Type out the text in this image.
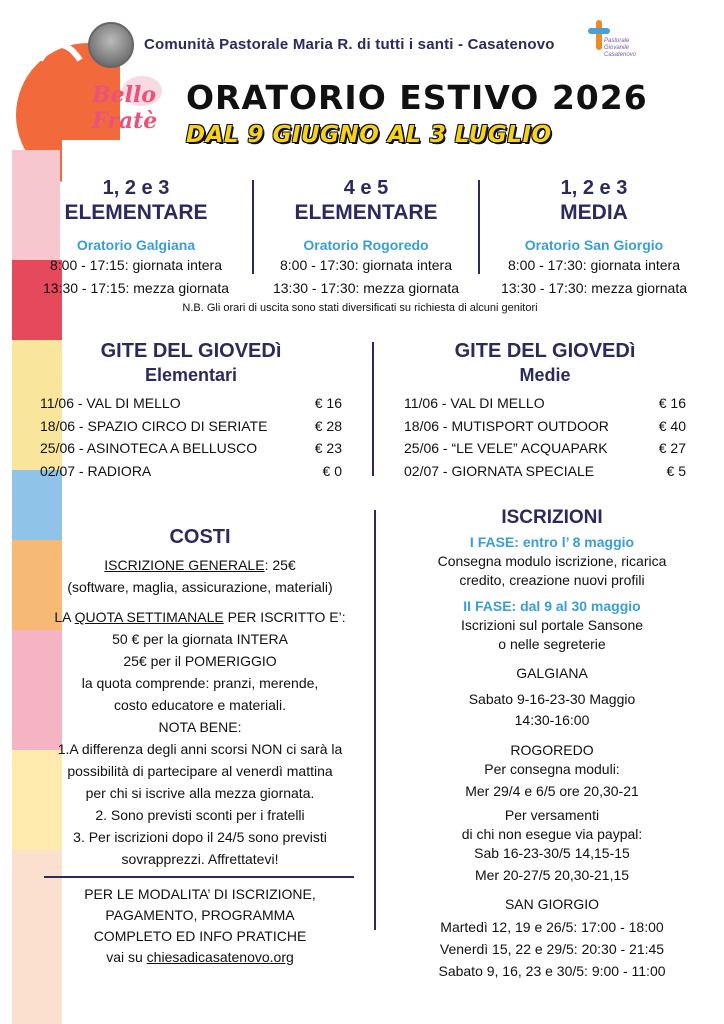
Comunità Pastorale Maria R. di tutti i santi - Casatenovo	Pastorale Giovanile Casatenovo
Bello Fratè
ORATORIO ESTIVO 2026
DAL 9 GIUGNO AL 3 LUGLIO
1, 2 e 3
ELEMENTARE
Oratorio Galgiana
8:00 - 17:15: giornata intera
13:30 - 17:15: mezza giornata
4 e 5
ELEMENTARE
Oratorio Rogoredo
8:00 - 17:30: giornata intera
13:30 - 17:30: mezza giornata
1, 2 e 3
MEDIA
Oratorio San Giorgio
8:00 - 17:30: giornata intera
13:30 - 17:30: mezza giornata
N.B. Gli orari di uscita sono stati diversificati su richiesta di alcuni genitori
GITE DEL GIOVEDì
Elementari
11/06 - VAL DI MELLO	€ 16
18/06 - SPAZIO CIRCO DI SERIATE	€ 28
25/06 - ASINOTECA A BELLUSCO	€ 23
02/07 - RADIORA	€ 0
GITE DEL GIOVEDì
Medie
11/06 - VAL DI MELLO	€ 16
18/06 - MUTISPORT OUTDOOR	€ 40
25/06 - “LE VELE” ACQUAPARK	€ 27
02/07 - GIORNATA SPECIALE	€ 5
COSTI
ISCRIZIONE GENERALE: 25€
(software, maglia, assicurazione, materiali)
LA QUOTA SETTIMANALE PER ISCRITTO E’:
50 € per la giornata INTERA
25€ per il POMERIGGIO
la quota comprende: pranzi, merende,
costo educatore e materiali.
NOTA BENE:
1.A differenza degli anni scorsi NON ci sarà la
possibilità di partecipare al venerdì mattina
per chi si iscrive alla mezza giornata.
2. Sono previsti sconti per i fratelli
3. Per iscrizioni dopo il 24/5 sono previsti
sovrapprezzi. Affrettatevi!
PER LE MODALITA’ DI ISCRIZIONE,
PAGAMENTO, PROGRAMMA
COMPLETO ED INFO PRATICHE
vai su chiesadicasatenovo.org
ISCRIZIONI
I FASE: entro l’ 8 maggio
Consegna modulo iscrizione, ricarica
credito, creazione nuovi profili
II FASE: dal 9 al 30 maggio
Iscrizioni sul portale Sansone
o nelle segreterie
GALGIANA
Sabato 9-16-23-30 Maggio
14:30-16:00
ROGOREDO
Per consegna moduli:
Mer 29/4 e 6/5 ore 20,30-21
Per versamenti
di chi non esegue via paypal:
Sab 16-23-30/5 14,15-15
Mer 20-27/5 20,30-21,15
SAN GIORGIO
Martedì 12, 19 e 26/5: 17:00 - 18:00
Venerdì 15, 22 e 29/5: 20:30 - 21:45
Sabato 9, 16, 23 e 30/5: 9:00 - 11:00
